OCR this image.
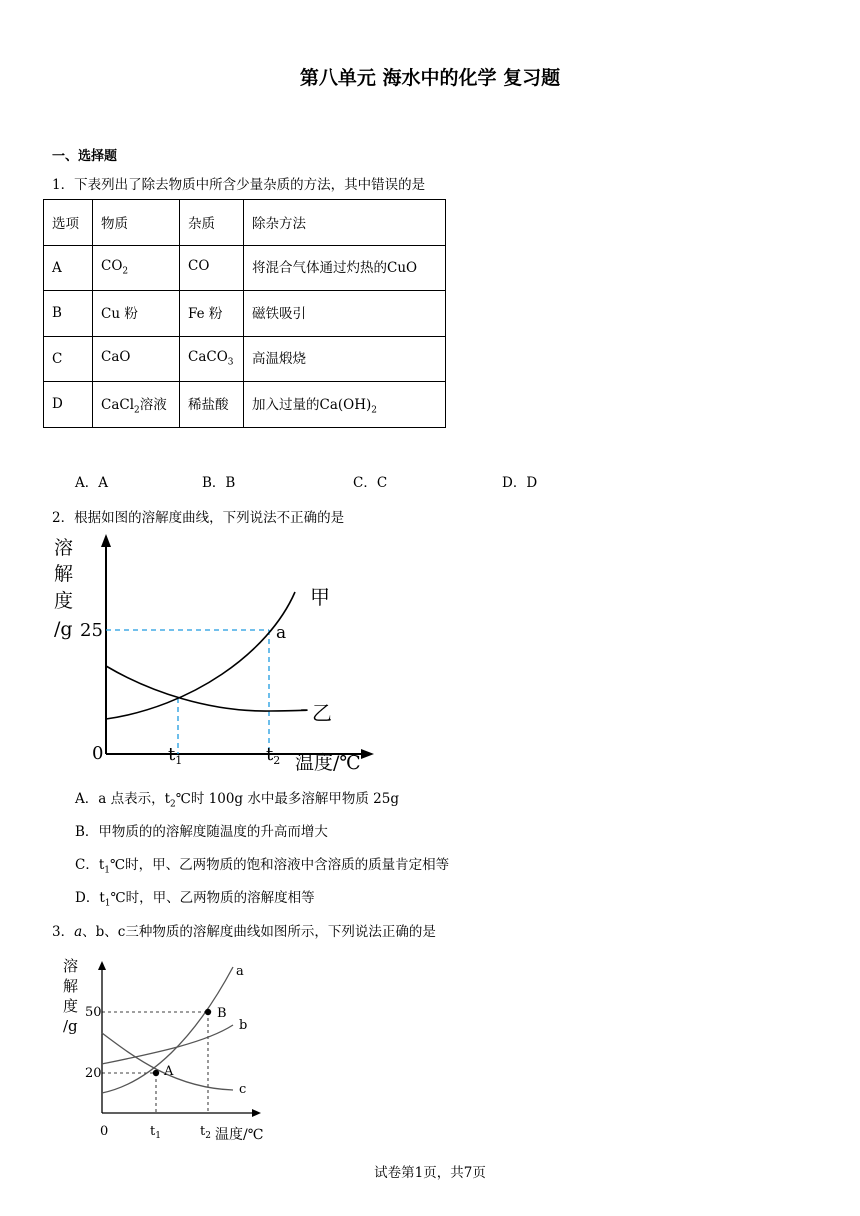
第八单元 海水中的化学 复习题
一、选择题
1．下表列出了除去物质中所含少量杂质的方法，其中错误的是
选项	物质	杂质	除杂方法
A	$CO_2$	CO	将混合气体通过灼热的CuO
B	Cu 粉	Fe 粉	磁铁吸引
C	CaO	CaCO$_3$	高温煅烧
D	CaCl$_2$溶液	稀盐酸	加入过量的$Ca(OH)_2$
A．A	B．B	C．C	D．D
2．根据如图的溶解度曲线，下列说法不正确的是
溶
解
度
/g
0
25
甲
乙
a
$t_1$	$t_2$ 温度/℃
A．a 点表示，$t_2℃$时 100g 水中最多溶解甲物质 25g
B．甲物质的的溶解度随温度的升高而增大
C．$t_1℃$时，甲、乙两物质的饱和溶液中含溶质的质量肯定相等
D．$t_1℃$时，甲、乙两物质的溶解度相等
3．a、b、c三种物质的溶解度曲线如图所示，下列说法正确的是
溶
解
度
/g
0
50
20	A
B
a
b
c
$t_1$	$t_2$ 温度/℃
试卷第1页，共7页
